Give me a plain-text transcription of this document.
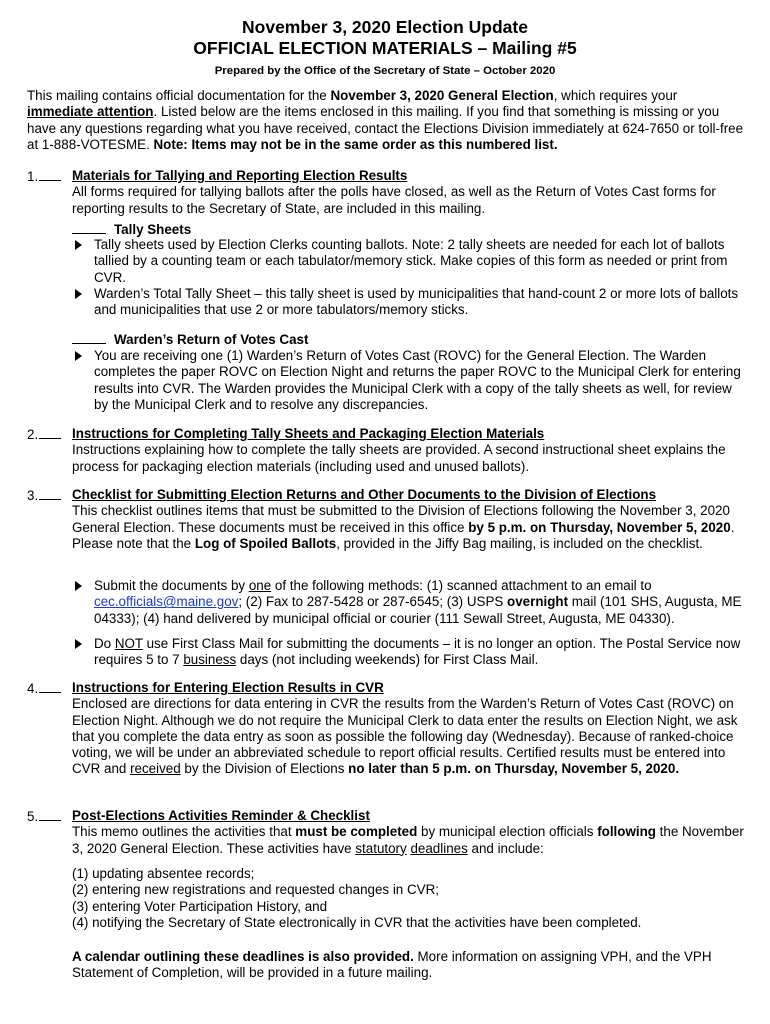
November 3, 2020 Election Update
OFFICIAL ELECTION MATERIALS – Mailing #5
Prepared by the Office of the Secretary of State – October 2020
This mailing contains official documentation for the November 3, 2020 General Election, which requires your immediate attention. Listed below are the items enclosed in this mailing. If you find that something is missing or you have any questions regarding what you have received, contact the Elections Division immediately at 624-7650 or toll-free at 1-888-VOTESME. Note: Items may not be in the same order as this numbered list.
1.	Materials for Tallying and Reporting Election Results

All forms required for tallying ballots after the polls have closed, as well as the Return of Votes Cast forms for reporting results to the Secretary of State, are included in this mailing.

Tally Sheets
Tally sheets used by Election Clerks counting ballots. Note: 2 tally sheets are needed for each lot of ballots tallied by a counting team or each tabulator/memory stick. Make copies of this form as needed or print from CVR.
Warden’s Total Tally Sheet – this tally sheet is used by municipalities that hand-count 2 or more lots of ballots and municipalities that use 2 or more tabulators/memory sticks.
Warden’s Return of Votes Cast
You are receiving one (1) Warden’s Return of Votes Cast (ROVC) for the General Election. The Warden completes the paper ROVC on Election Night and returns the paper ROVC to the Municipal Clerk for entering results into CVR. The Warden provides the Municipal Clerk with a copy of the tally sheets as well, for review by the Municipal Clerk and to resolve any discrepancies.
2.	Instructions for Completing Tally Sheets and Packaging Election Materials

Instructions explaining how to complete the tally sheets are provided. A second instructional sheet explains the process for packaging election materials (including used and unused ballots).

3.	Checklist for Submitting Election Returns and Other Documents to the Division of Elections

This checklist outlines items that must be submitted to the Division of Elections following the November 3, 2020 General Election. These documents must be received in this office by 5 p.m. on Thursday, November 5, 2020. Please note that the Log of Spoiled Ballots, provided in the Jiffy Bag mailing, is included on the checklist.

Submit the documents by one of the following methods: (1) scanned attachment to an email to cec.officials@maine.gov; (2) Fax to 287-5428 or 287-6545; (3) USPS overnight mail (101 SHS, Augusta, ME 04333); (4) hand delivered by municipal official or courier (111 Sewall Street, Augusta, ME 04330).
Do NOT use First Class Mail for submitting the documents – it is no longer an option. The Postal Service now requires 5 to 7 business days (not including weekends) for First Class Mail.
4.	Instructions for Entering Election Results in CVR

Enclosed are directions for data entering in CVR the results from the Warden’s Return of Votes Cast (ROVC) on Election Night. Although we do not require the Municipal Clerk to data enter the results on Election Night, we ask that you complete the data entry as soon as possible the following day (Wednesday). Because of ranked-choice voting, we will be under an abbreviated schedule to report official results. Certified results must be entered into CVR and received by the Division of Elections no later than 5 p.m. on Thursday, November 5, 2020.

5.	Post-Elections Activities Reminder & Checklist

This memo outlines the activities that must be completed by municipal election officials following the November 3, 2020 General Election. These activities have statutory deadlines and include:

(1) updating absentee records;

(2) entering new registrations and requested changes in CVR;

(3) entering Voter Participation History, and

(4) notifying the Secretary of State electronically in CVR that the activities have been completed.

A calendar outlining these deadlines is also provided. More information on assigning VPH, and the VPH Statement of Completion, will be provided in a future mailing.
